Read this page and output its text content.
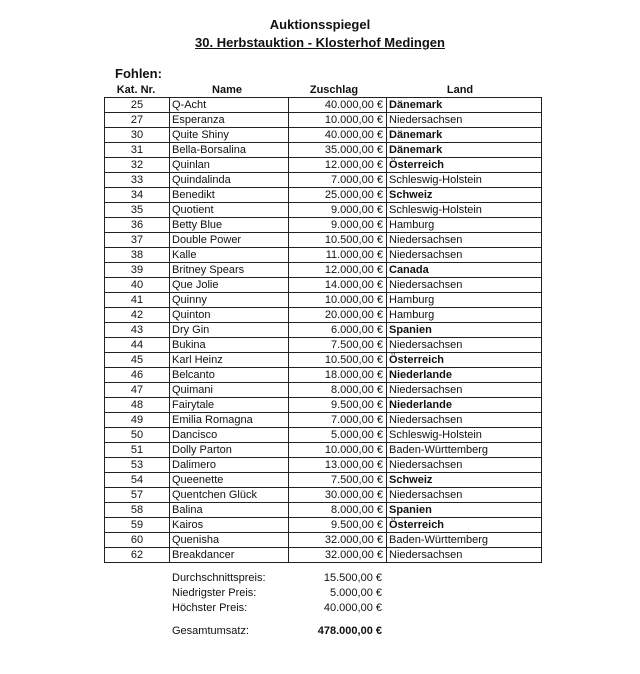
Auktionsspiegel
30. Herbstauktion - Klosterhof Medingen
Fohlen:
Kat. Nr.	Name	Zuschlag	Land
25	Q-Acht	40.000,00 €	Dänemark
27	Esperanza	10.000,00 €	Niedersachsen
30	Quite Shiny	40.000,00 €	Dänemark
31	Bella-Borsalina	35.000,00 €	Dänemark
32	Quinlan	12.000,00 €	Österreich
33	Quindalinda	7.000,00 €	Schleswig-Holstein
34	Benedikt	25.000,00 €	Schweiz
35	Quotient	9.000,00 €	Schleswig-Holstein
36	Betty Blue	9.000,00 €	Hamburg
37	Double Power	10.500,00 €	Niedersachsen
38	Kalle	11.000,00 €	Niedersachsen
39	Britney Spears	12.000,00 €	Canada
40	Que Jolie	14.000,00 €	Niedersachsen
41	Quinny	10.000,00 €	Hamburg
42	Quinton	20.000,00 €	Hamburg
43	Dry Gin	6.000,00 €	Spanien
44	Bukina	7.500,00 €	Niedersachsen
45	Karl Heinz	10.500,00 €	Österreich
46	Belcanto	18.000,00 €	Niederlande
47	Quimani	8.000,00 €	Niedersachsen
48	Fairytale	9.500,00 €	Niederlande
49	Emilia Romagna	7.000,00 €	Niedersachsen
50	Dancisco	5.000,00 €	Schleswig-Holstein
51	Dolly Parton	10.000,00 €	Baden-Württemberg
53	Dalimero	13.000,00 €	Niedersachsen
54	Queenette	7.500,00 €	Schweiz
57	Quentchen Glück	30.000,00 €	Niedersachsen
58	Balina	8.000,00 €	Spanien
59	Kairos	9.500,00 €	Österreich
60	Quenisha	32.000,00 €	Baden-Württemberg
62	Breakdancer	32.000,00 €	Niedersachsen
Durchschnittspreis:	15.500,00 €
Niedrigster Preis:	5.000,00 €
Höchster Preis:	40.000,00 €
Gesamtumsatz:	478.000,00 €
